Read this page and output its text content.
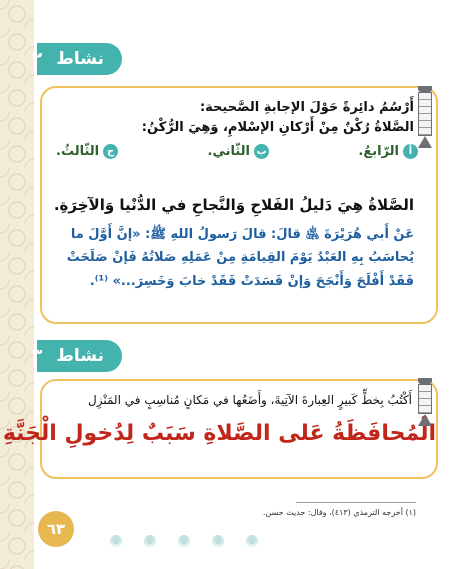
نشاط
٢
أَرْسُمُ دائِرةً حَوْلَ الإجابةِ الصَّحيحة:
الصَّلاةُ رُكْنٌ مِنْ أَرْكانِ الإسْلامِ، وَهِيَ الرُّكْنُ:
أ
الرّابعُ.
ب
الثّاني.
ج
الثّالثُ.
الصَّلاةُ هِيَ دَليلُ الفَلاحِ وَالنَّجاحِ في الدُّنْيا وَالآخِرَةِ.
عَنْ أَبي هُرَيْرَةَ ﵁ قالَ: قالَ رَسولُ اللهِ ﷺ: «إنَّ أَوَّلَ ما
يُحاسَبُ بِهِ العَبْدُ يَوْمَ القِيامَةِ مِنْ عَمَلِهِ صَلاتُهُ فَإنْ صَلَحَتْ
فَقَدْ أَفْلَحَ وَأَنْجَحَ وَإنْ فَسَدَتْ فَقَدْ خابَ وَخَسِرَ...» ⁽¹⁾.
نشاط
٣
أَكْتُبُ بِخطٍّ كَبيرٍ العِبارةَ الآتِيةَ، وأَضَعُها في مَكانٍ مُناسِبٍ في المَنْزِل
الْمُحافَظَةُ عَلى الصَّلاةِ سَبَبٌ لِدُخولِ الْجَنَّةِ
(١) أخرجه الترمذي (٤١٣)، وقال: حديث حسن.
٦٣
